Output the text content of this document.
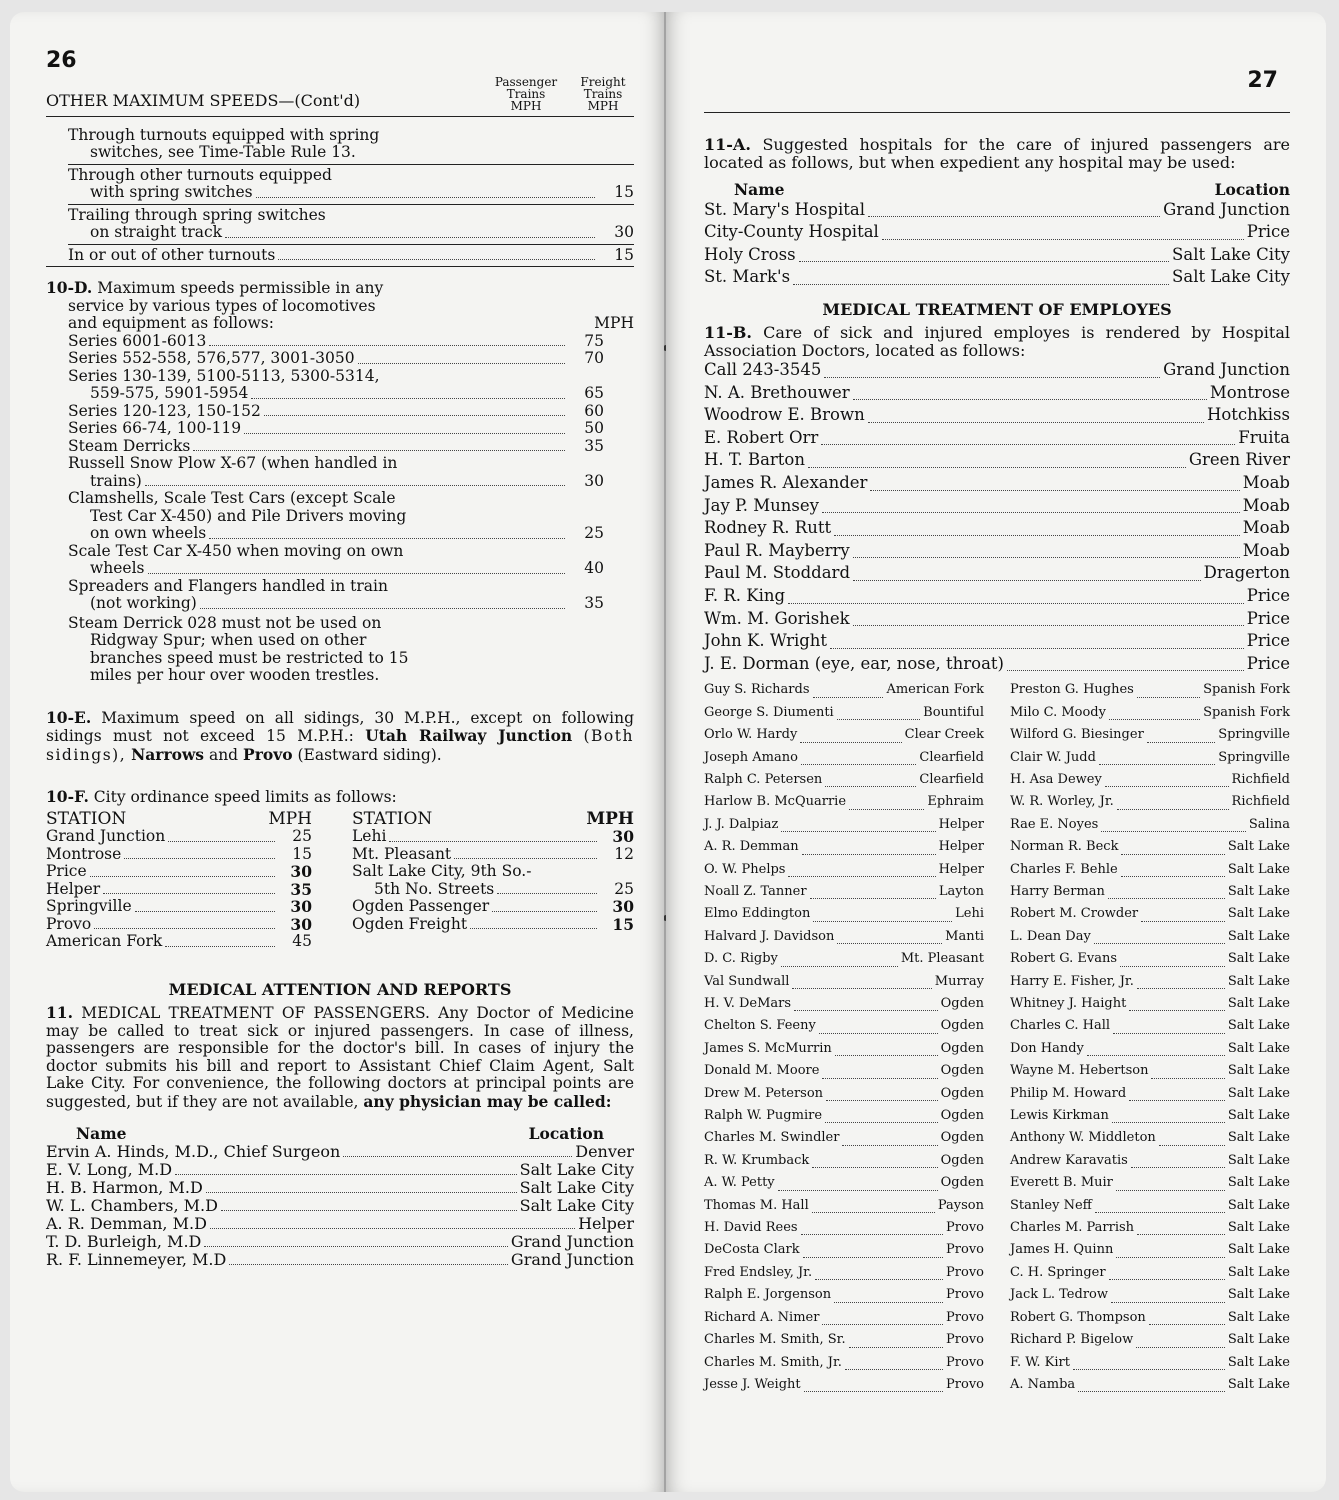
26
OTHER MAXIMUM SPEEDS—(Cont'd)
Passenger
Trains
MPH
Freight
Trains
MPH
Through turnouts equipped with spring
switches, see Time-Table Rule 13.
Through other turnouts equipped
with spring switches	15
Trailing through spring switches
on straight track	30
In or out of other turnouts	15
10-D. Maximum speeds permissible in any
service by various types of locomotives
and equipment as follows:	MPH
Series 6001-6013	75
Series 552-558, 576,577, 3001-3050	70
Series 130-139, 5100-5113, 5300-5314,
559-575, 5901-5954	65
Series 120-123, 150-152	60
Series 66-74, 100-119	50
Steam Derricks	35
Russell Snow Plow X-67 (when handled in
trains)	30
Clamshells, Scale Test Cars (except Scale
Test Car X-450) and Pile Drivers moving
on own wheels	25
Scale Test Car X-450 when moving on own
wheels	40
Spreaders and Flangers handled in train
(not working)	35
Steam Derrick 028 must not be used on
Ridgway Spur; when used on other
branches speed must be restricted to 15
miles per hour over wooden trestles.
10-E. Maximum speed on all sidings, 30 M.P.H., except on following sidings must not exceed 15 M.P.H.: Utah Railway Junction (Both sidings), Narrows and Provo (Eastward siding).
10-F. City ordinance speed limits as follows:
STATION	MPH
Grand Junction	25
Montrose	15
Price	30
Helper	35
Springville	30
Provo	30
American Fork	45
STATION	MPH
Lehi	30
Mt. Pleasant	12
Salt Lake City, 9th So.-
5th No. Streets	25
Ogden Passenger	30
Ogden Freight	15
MEDICAL ATTENTION AND REPORTS
11. MEDICAL TREATMENT OF PASSENGERS. Any Doctor of Medicine may be called to treat sick or injured passengers. In case of illness, passengers are responsible for the doctor's bill. In cases of injury the doctor submits his bill and report to Assistant Chief Claim Agent, Salt Lake City. For convenience, the following doctors at principal points are suggested, but if they are not available, any physician may be called:
Name	Location
Ervin A. Hinds, M.D., Chief Surgeon	Denver
E. V. Long, M.D	Salt Lake City
H. B. Harmon, M.D	Salt Lake City
W. L. Chambers, M.D	Salt Lake City
A. R. Demman, M.D	Helper
T. D. Burleigh, M.D	Grand Junction
R. F. Linnemeyer, M.D	Grand Junction
27
11-A. Suggested hospitals for the care of injured passengers are located as follows, but when expedient any hospital may be used:
Name	Location
St. Mary's Hospital	Grand Junction
City-County Hospital	Price
Holy Cross	Salt Lake City
St. Mark's	Salt Lake City
MEDICAL TREATMENT OF EMPLOYES
11-B. Care of sick and injured employes is rendered by Hospital Association Doctors, located as follows:
Call 243-3545	Grand Junction
N. A. Brethouwer	Montrose
Woodrow E. Brown	Hotchkiss
E. Robert Orr	Fruita
H. T. Barton	Green River
James R. Alexander	Moab
Jay P. Munsey	Moab
Rodney R. Rutt	Moab
Paul R. Mayberry	Moab
Paul M. Stoddard	Dragerton
F. R. King	Price
Wm. M. Gorishek	Price
John K. Wright	Price
J. E. Dorman (eye, ear, nose, throat)	Price
Guy S. Richards	American Fork
George S. Diumenti	Bountiful
Orlo W. Hardy	Clear Creek
Joseph Amano	Clearfield
Ralph C. Petersen	Clearfield
Harlow B. McQuarrie	Ephraim
J. J. Dalpiaz	Helper
A. R. Demman	Helper
O. W. Phelps	Helper
Noall Z. Tanner	Layton
Elmo Eddington	Lehi
Halvard J. Davidson	Manti
D. C. Rigby	Mt. Pleasant
Val Sundwall	Murray
H. V. DeMars	Ogden
Chelton S. Feeny	Ogden
James S. McMurrin	Ogden
Donald M. Moore	Ogden
Drew M. Peterson	Ogden
Ralph W. Pugmire	Ogden
Charles M. Swindler	Ogden
R. W. Krumback	Ogden
A. W. Petty	Ogden
Thomas M. Hall	Payson
H. David Rees	Provo
DeCosta Clark	Provo
Fred Endsley, Jr.	Provo
Ralph E. Jorgenson	Provo
Richard A. Nimer	Provo
Charles M. Smith, Sr.	Provo
Charles M. Smith, Jr.	Provo
Jesse J. Weight	Provo
Preston G. Hughes	Spanish Fork
Milo C. Moody	Spanish Fork
Wilford G. Biesinger	Springville
Clair W. Judd	Springville
H. Asa Dewey	Richfield
W. R. Worley, Jr.	Richfield
Rae E. Noyes	Salina
Norman R. Beck	Salt Lake
Charles F. Behle	Salt Lake
Harry Berman	Salt Lake
Robert M. Crowder	Salt Lake
L. Dean Day	Salt Lake
Robert G. Evans	Salt Lake
Harry E. Fisher, Jr.	Salt Lake
Whitney J. Haight	Salt Lake
Charles C. Hall	Salt Lake
Don Handy	Salt Lake
Wayne M. Hebertson	Salt Lake
Philip M. Howard	Salt Lake
Lewis Kirkman	Salt Lake
Anthony W. Middleton	Salt Lake
Andrew Karavatis	Salt Lake
Everett B. Muir	Salt Lake
Stanley Neff	Salt Lake
Charles M. Parrish	Salt Lake
James H. Quinn	Salt Lake
C. H. Springer	Salt Lake
Jack L. Tedrow	Salt Lake
Robert G. Thompson	Salt Lake
Richard P. Bigelow	Salt Lake
F. W. Kirt	Salt Lake
A. Namba	Salt Lake
